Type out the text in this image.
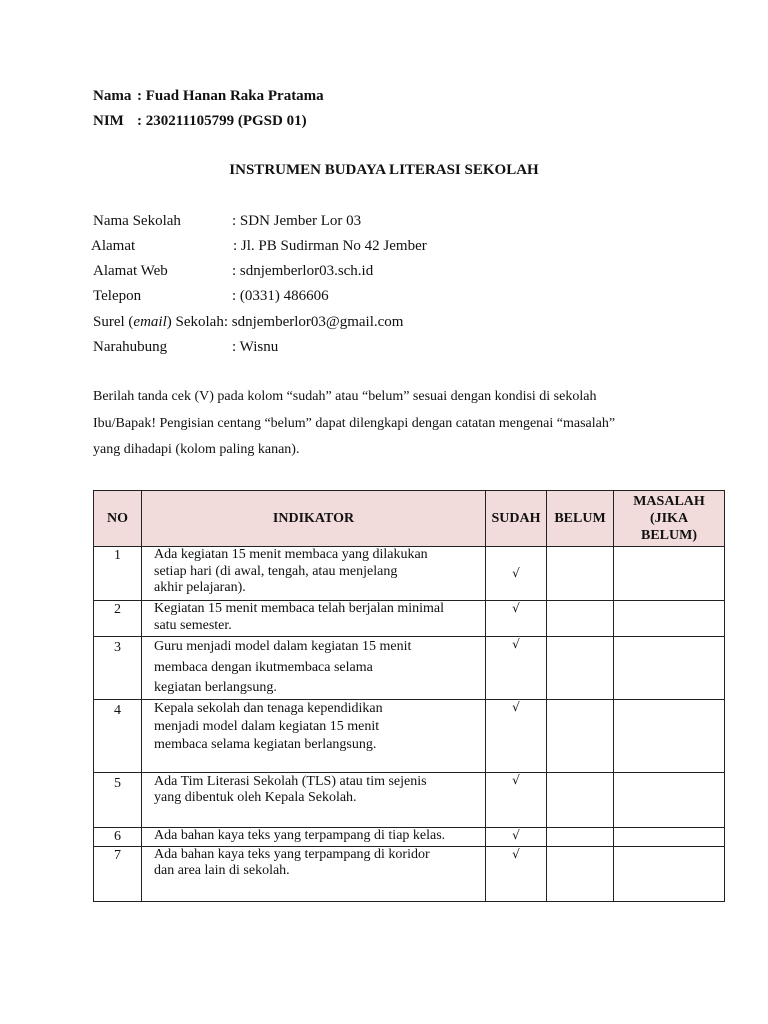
Nama : Fuad Hanan Raka Pratama
NIM : 230211105799 (PGSD 01)
INSTRUMEN BUDAYA LITERASI SEKOLAH
Nama Sekolah	: SDN Jember Lor 03
Alamat	: Jl. PB Sudirman No 42 Jember
Alamat Web	: sdnjemberlor03.sch.id
Telepon	: (0331) 486606
Surel (email) Sekolah: sdnjemberlor03@gmail.com
Narahubung	: Wisnu
Berilah tanda cek (V) pada kolom “sudah” atau “belum” sesuai dengan kondisi di sekolah
Ibu/Bapak! Pengisian centang “belum” dapat dilengkapi dengan catatan mengenai “masalah”
yang dihadapi (kolom paling kanan).
NO	INDIKATOR	SUDAH	BELUM	MASALAH
(JIKA
BELUM)

1	Ada kegiatan 15 menit membaca yang dilakukan
setiap hari (di awal, tengah, atau menjelang
akhir pelajaran).	√		
2	Kegiatan 15 menit membaca telah berjalan minimal
satu semester.	√		
3	Guru menjadi model dalam kegiatan 15 menit
membaca dengan ikutmembaca selama
kegiatan berlangsung.	√		
4	Kepala sekolah dan tenaga kependidikan
menjadi model dalam kegiatan 15 menit
membaca selama kegiatan berlangsung.	√		
5	Ada Tim Literasi Sekolah (TLS) atau tim sejenis
yang dibentuk oleh Kepala Sekolah.	√		
6	Ada bahan kaya teks yang terpampang di tiap kelas.	√		
7	Ada bahan kaya teks yang terpampang di koridor
dan area lain di sekolah.	√		
